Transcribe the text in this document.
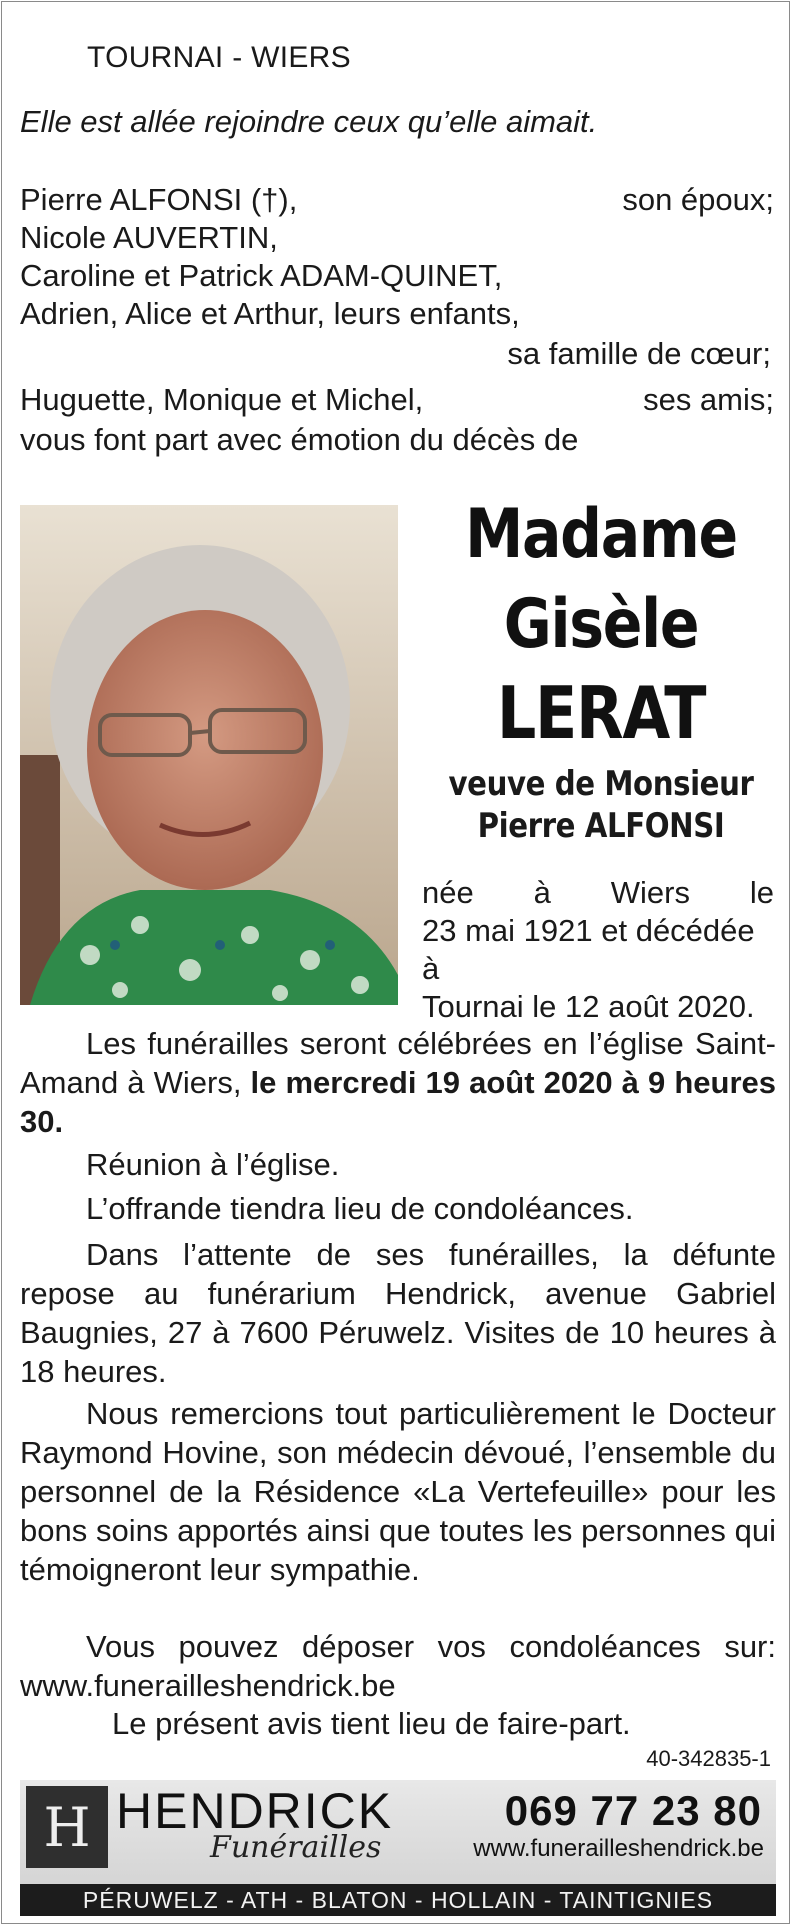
TOURNAI - WIERS
Elle est allée rejoindre ceux qu’elle aimait.
Pierre ALFONSI (†),	son époux;
Nicole AUVERTIN,
Caroline et Patrick ADAM-QUINET,
Adrien, Alice et Arthur, leurs enfants,
sa famille de cœur;
Huguette, Monique et Michel,	ses amis;
vous font part avec émotion du décès de
Madame
Gisèle
LERAT
veuve de Monsieur
Pierre ALFONSI
née à Wiers le
23 mai 1921 et décédée à
Tournai le 12 août 2020.
Les funérailles seront célébrées en l’église Saint-Amand à Wiers, le mercredi 19 août 2020 à 9 heures 30.
Réunion à l’église.
L’offrande tiendra lieu de condoléances.
Dans l’attente de ses funérailles, la défunte repose au funérarium Hendrick, avenue Gabriel Baugnies, 27 à 7600 Péruwelz. Visites de 10 heures à 18 heures.
Nous remercions tout particulièrement le Docteur Raymond Hovine, son médecin dévoué, l’ensemble du personnel de la Résidence «La Vertefeuille» pour les bons soins apportés ainsi que toutes les personnes qui témoigneront leur sympathie.
Vous pouvez déposer vos condoléances sur: www.funerailleshendrick.be
Le présent avis tient lieu de faire-part.
40-342835-1
H HENDRICK
Funérailles
069 77 23 80
www.funerailleshendrick.be
PÉRUWELZ - ATH - BLATON - HOLLAIN - TAINTIGNIES
